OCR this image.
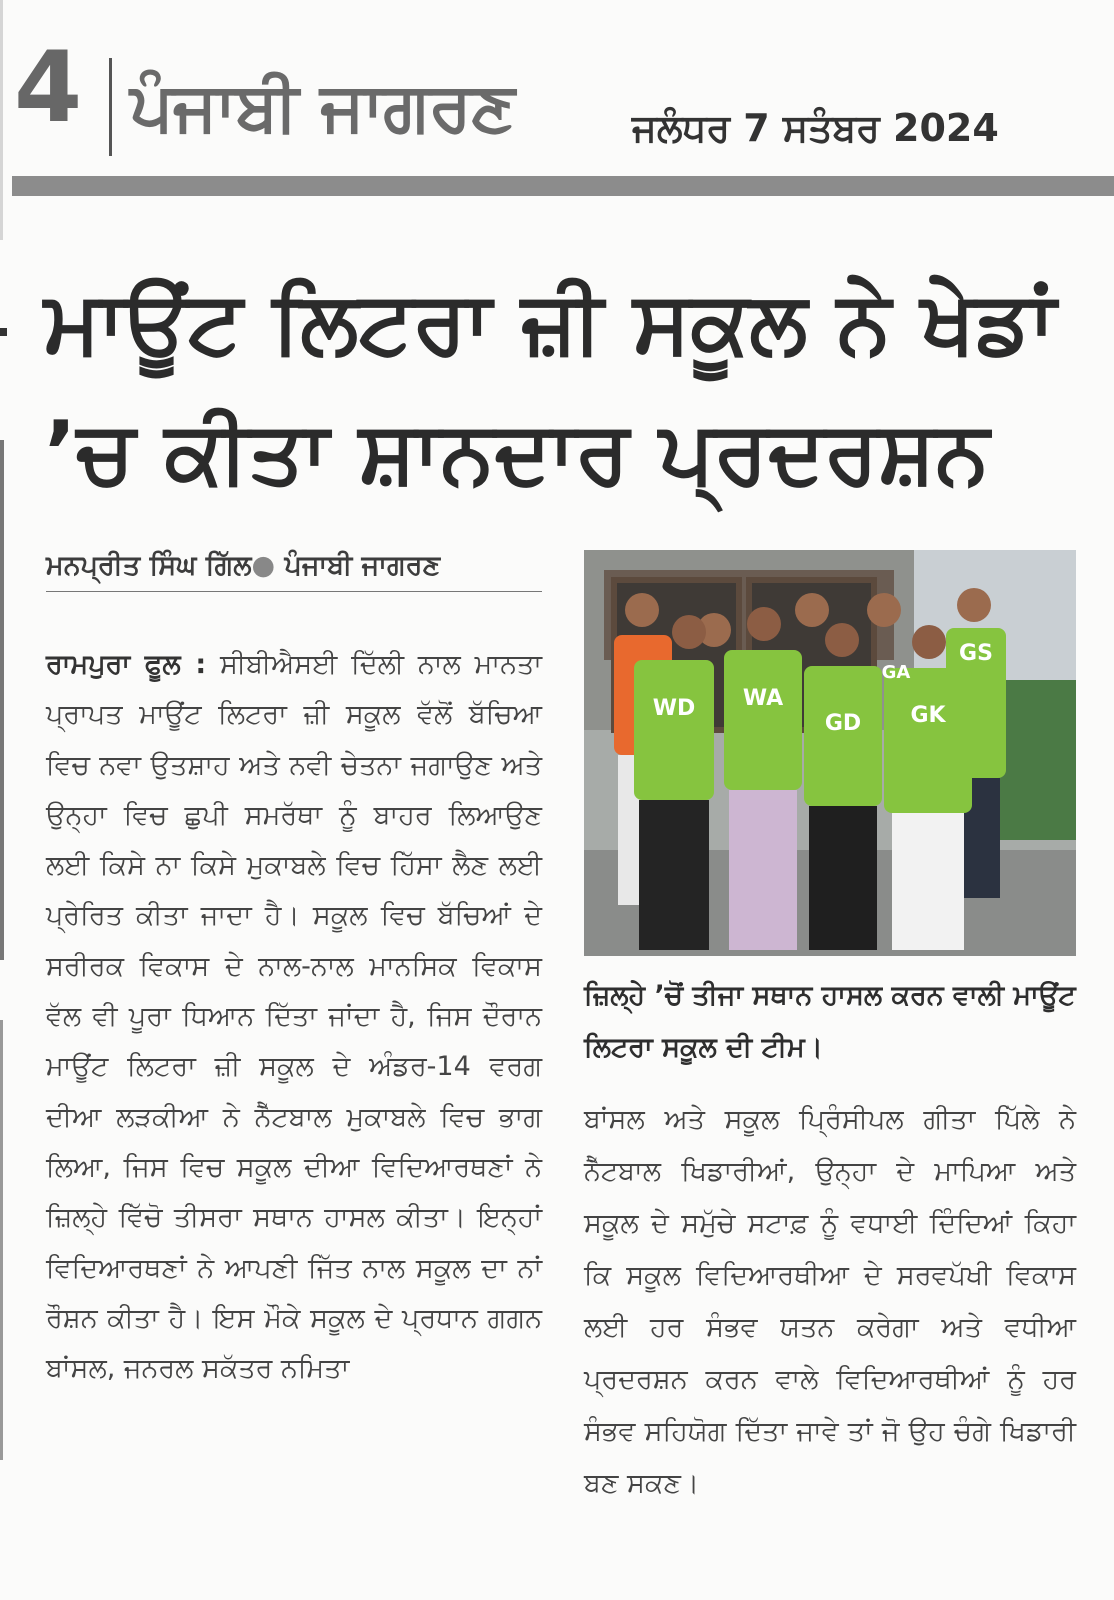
4 ਪੰਜਾਬੀ ਜਾਗਰਣ	ਜਲੰਧਰ 7 ਸਤੰਬਰ 2024
ਮਾਊਂਟ ਲਿਟਰਾ ਜ਼ੀ ਸਕੂਲ ਨੇ ਖੇਡਾਂ ’ਚ ਕੀਤਾ ਸ਼ਾਨਦਾਰ ਪ੍ਰਦਰਸ਼ਨ
ਮਨਪ੍ਰੀਤ ਸਿੰਘ ਗਿੱਲ● ਪੰਜਾਬੀ ਜਾਗਰਣ
ਰਾਮਪੁਰਾ ਫੂਲ : ਸੀਬੀਐਸਈ ਦਿੱਲੀ ਨਾਲ ਮਾਨਤਾ ਪ੍ਰਾਪਤ ਮਾਊਂਟ ਲਿਟਰਾ ਜ਼ੀ ਸਕੂਲ ਵੱਲੋਂ ਬੱਚਿਆ ਵਿਚ ਨਵਾ ਉਤਸ਼ਾਹ ਅਤੇ ਨਵੀ ਚੇਤਨਾ ਜਗਾਉਣ ਅਤੇ ਉਨ੍ਹਾ ਵਿਚ ਛੁਪੀ ਸਮਰੱਥਾ ਨੂੰ ਬਾਹਰ ਲਿਆਉਣ ਲਈ ਕਿਸੇ ਨਾ ਕਿਸੇ ਮੁਕਾਬਲੇ ਵਿਚ ਹਿੱਸਾ ਲੈਣ ਲਈ ਪ੍ਰੇਰਿਤ ਕੀਤਾ ਜਾਦਾ ਹੈ। ਸਕੂਲ ਵਿਚ ਬੱਚਿਆਂ ਦੇ ਸਰੀਰਕ ਵਿਕਾਸ ਦੇ ਨਾਲ-ਨਾਲ ਮਾਨਸਿਕ ਵਿਕਾਸ ਵੱਲ ਵੀ ਪੂਰਾ ਧਿਆਨ ਦਿੱਤਾ ਜਾਂਦਾ ਹੈ, ਜਿਸ ਦੌਰਾਨ ਮਾਊਂਟ ਲਿਟਰਾ ਜ਼ੀ ਸਕੂਲ ਦੇ ਅੰਡਰ-14 ਵਰਗ ਦੀਆ ਲੜਕੀਆ ਨੇ ਨੈੱਟਬਾਲ ਮੁਕਾਬਲੇ ਵਿਚ ਭਾਗ ਲਿਆ, ਜਿਸ ਵਿਚ ਸਕੂਲ ਦੀਆ ਵਿਦਿਆਰਥਣਾਂ ਨੇ ਜ਼ਿਲ੍ਹੇ ਵਿੱਚੋ ਤੀਸਰਾ ਸਥਾਨ ਹਾਸਲ ਕੀਤਾ। ਇਨ੍ਹਾਂ ਵਿਦਿਆਰਥਣਾਂ ਨੇ ਆਪਣੀ ਜਿੱਤ ਨਾਲ ਸਕੂਲ ਦਾ ਨਾਂ ਰੌਸ਼ਨ ਕੀਤਾ ਹੈ। ਇਸ ਮੌਕੇ ਸਕੂਲ ਦੇ ਪ੍ਰਧਾਨ ਗਗਨ ਬਾਂਸਲ, ਜਨਰਲ ਸਕੱਤਰ ਨਮਿਤਾ
WD WA
GD GK
GA
GS
ਜ਼ਿਲ੍ਹੇ ’ਚੋਂ ਤੀਜਾ ਸਥਾਨ ਹਾਸਲ ਕਰਨ ਵਾਲੀ ਮਾਊਂਟ ਲਿਟਰਾ ਸਕੂਲ ਦੀ ਟੀਮ।
ਬਾਂਸਲ ਅਤੇ ਸਕੂਲ ਪ੍ਰਿੰਸੀਪਲ ਗੀਤਾ ਪਿੱਲੇ ਨੇ ਨੈੱਟਬਾਲ ਖਿਡਾਰੀਆਂ, ਉਨ੍ਹਾ ਦੇ ਮਾਪਿਆ ਅਤੇ ਸਕੂਲ ਦੇ ਸਮੁੱਚੇ ਸਟਾਫ਼ ਨੂੰ ਵਧਾਈ ਦਿੰਦਿਆਂ ਕਿਹਾ ਕਿ ਸਕੂਲ ਵਿਦਿਆਰਥੀਆ ਦੇ ਸਰਵਪੱਖੀ ਵਿਕਾਸ ਲਈ ਹਰ ਸੰਭਵ ਯਤਨ ਕਰੇਗਾ ਅਤੇ ਵਧੀਆ ਪ੍ਰਦਰਸ਼ਨ ਕਰਨ ਵਾਲੇ ਵਿਦਿਆਰਥੀਆਂ ਨੂੰ ਹਰ ਸੰਭਵ ਸਹਿਯੋਗ ਦਿੱਤਾ ਜਾਵੇ ਤਾਂ ਜੋ ਉਹ ਚੰਗੇ ਖਿਡਾਰੀ ਬਣ ਸਕਣ।
